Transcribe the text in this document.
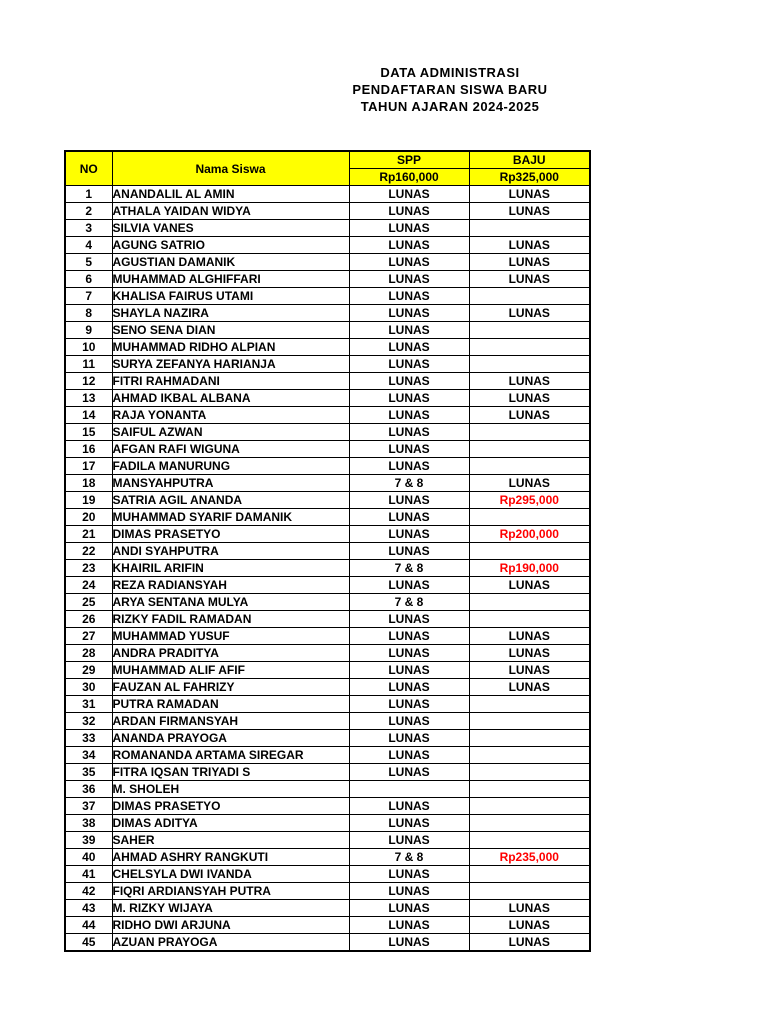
DATA ADMINISTRASI
PENDAFTARAN SISWA BARU
TAHUN AJARAN 2024-2025
NO	Nama Siswa	SPP	BAJU
		Rp160,000	Rp325,000
1	ANANDALIL AL AMIN	LUNAS	LUNAS
2	ATHALA YAIDAN WIDYA	LUNAS	LUNAS
3	SILVIA VANES	LUNAS	
4	AGUNG SATRIO	LUNAS	LUNAS
5	AGUSTIAN DAMANIK	LUNAS	LUNAS
6	MUHAMMAD ALGHIFFARI	LUNAS	LUNAS
7	KHALISA FAIRUS UTAMI	LUNAS	
8	SHAYLA NAZIRA	LUNAS	LUNAS
9	SENO SENA DIAN	LUNAS	
10	MUHAMMAD RIDHO ALPIAN	LUNAS	
11	SURYA ZEFANYA HARIANJA	LUNAS	
12	FITRI RAHMADANI	LUNAS	LUNAS
13	AHMAD IKBAL ALBANA	LUNAS	LUNAS
14	RAJA YONANTA	LUNAS	LUNAS
15	SAIFUL AZWAN	LUNAS	
16	AFGAN RAFI WIGUNA	LUNAS	
17	FADILA MANURUNG	LUNAS	
18	MANSYAHPUTRA	7 & 8	LUNAS
19	SATRIA AGIL ANANDA	LUNAS	Rp295,000
20	MUHAMMAD SYARIF DAMANIK	LUNAS	
21	DIMAS PRASETYO	LUNAS	Rp200,000
22	ANDI SYAHPUTRA	LUNAS	
23	KHAIRIL ARIFIN	7 & 8	Rp190,000
24	REZA RADIANSYAH	LUNAS	LUNAS
25	ARYA SENTANA MULYA	7 & 8	
26	RIZKY FADIL RAMADAN	LUNAS	
27	MUHAMMAD YUSUF	LUNAS	LUNAS
28	ANDRA PRADITYA	LUNAS	LUNAS
29	MUHAMMAD ALIF AFIF	LUNAS	LUNAS
30	FAUZAN AL FAHRIZY	LUNAS	LUNAS
31	PUTRA RAMADAN	LUNAS	
32	ARDAN FIRMANSYAH	LUNAS	
33	ANANDA PRAYOGA	LUNAS	
34	ROMANANDA ARTAMA SIREGAR	LUNAS	
35	FITRA IQSAN TRIYADI S	LUNAS	
36	M. SHOLEH		
37	DIMAS PRASETYO	LUNAS	
38	DIMAS ADITYA	LUNAS	
39	SAHER	LUNAS	
40	AHMAD ASHRY RANGKUTI	7 & 8	Rp235,000
41	CHELSYLA DWI IVANDA	LUNAS	
42	FIQRI ARDIANSYAH PUTRA	LUNAS	
43	M. RIZKY WIJAYA	LUNAS	LUNAS
44	RIDHO DWI ARJUNA	LUNAS	LUNAS
45	AZUAN PRAYOGA	LUNAS	LUNAS
